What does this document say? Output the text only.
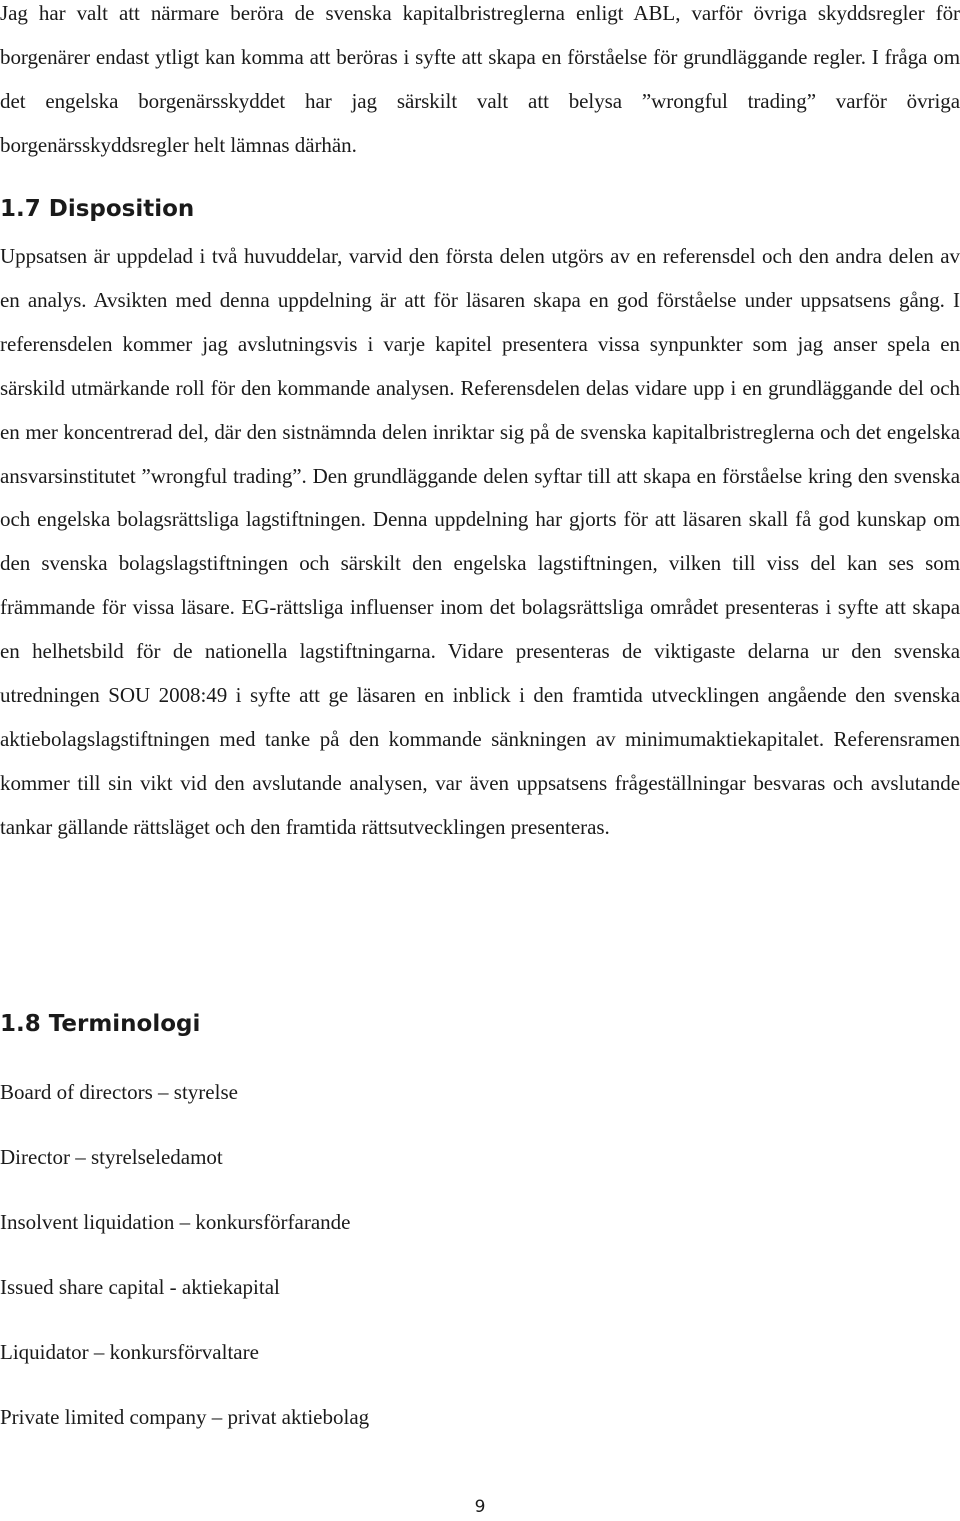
Jag har valt att närmare beröra de svenska kapitalbristreglerna enligt ABL, varför övriga skyddsregler för borgenärer endast ytligt kan komma att beröras i syfte att skapa en förståelse för grundläggande regler. I fråga om det engelska borgenärsskyddet har jag särskilt valt att belysa ”wrongful trading” varför övriga borgenärsskyddsregler helt lämnas därhän.

1.7 Disposition

Uppsatsen är uppdelad i två huvuddelar, varvid den första delen utgörs av en referensdel och den andra delen av en analys. Avsikten med denna uppdelning är att för läsaren skapa en god förståelse under uppsatsens gång. I referensdelen kommer jag avslutningsvis i varje kapitel presentera vissa synpunkter som jag anser spela en särskild utmärkande roll för den kommande analysen. Referensdelen delas vidare upp i en grundläggande del och en mer koncentrerad del, där den sistnämnda delen inriktar sig på de svenska kapitalbristreglerna och det engelska ansvarsinstitutet ”wrongful trading”. Den grundläggande delen syftar till att skapa en förståelse kring den svenska och engelska bolagsrättsliga lagstiftningen. Denna uppdelning har gjorts för att läsaren skall få god kunskap om den svenska bolagslagstiftningen och särskilt den engelska lagstiftningen, vilken till viss del kan ses som främmande för vissa läsare. EG-rättsliga influenser inom det bolagsrättsliga området presenteras i syfte att skapa en helhetsbild för de nationella lagstiftningarna. Vidare presenteras de viktigaste delarna ur den svenska utredningen SOU 2008:49 i syfte att ge läsaren en inblick i den framtida utvecklingen angående den svenska aktiebolagslagstiftningen med tanke på den kommande sänkningen av minimumaktiekapitalet. Referensramen kommer till sin vikt vid den avslutande analysen, var även uppsatsens frågeställningar besvaras och avslutande tankar gällande rättsläget och den framtida rättsutvecklingen presenteras.

1.8 Terminologi

Board of directors – styrelse

Director – styrelseledamot

Insolvent liquidation – konkursförfarande

Issued share capital - aktiekapital

Liquidator – konkursförvaltare

Private limited company – privat aktiebolag

9
